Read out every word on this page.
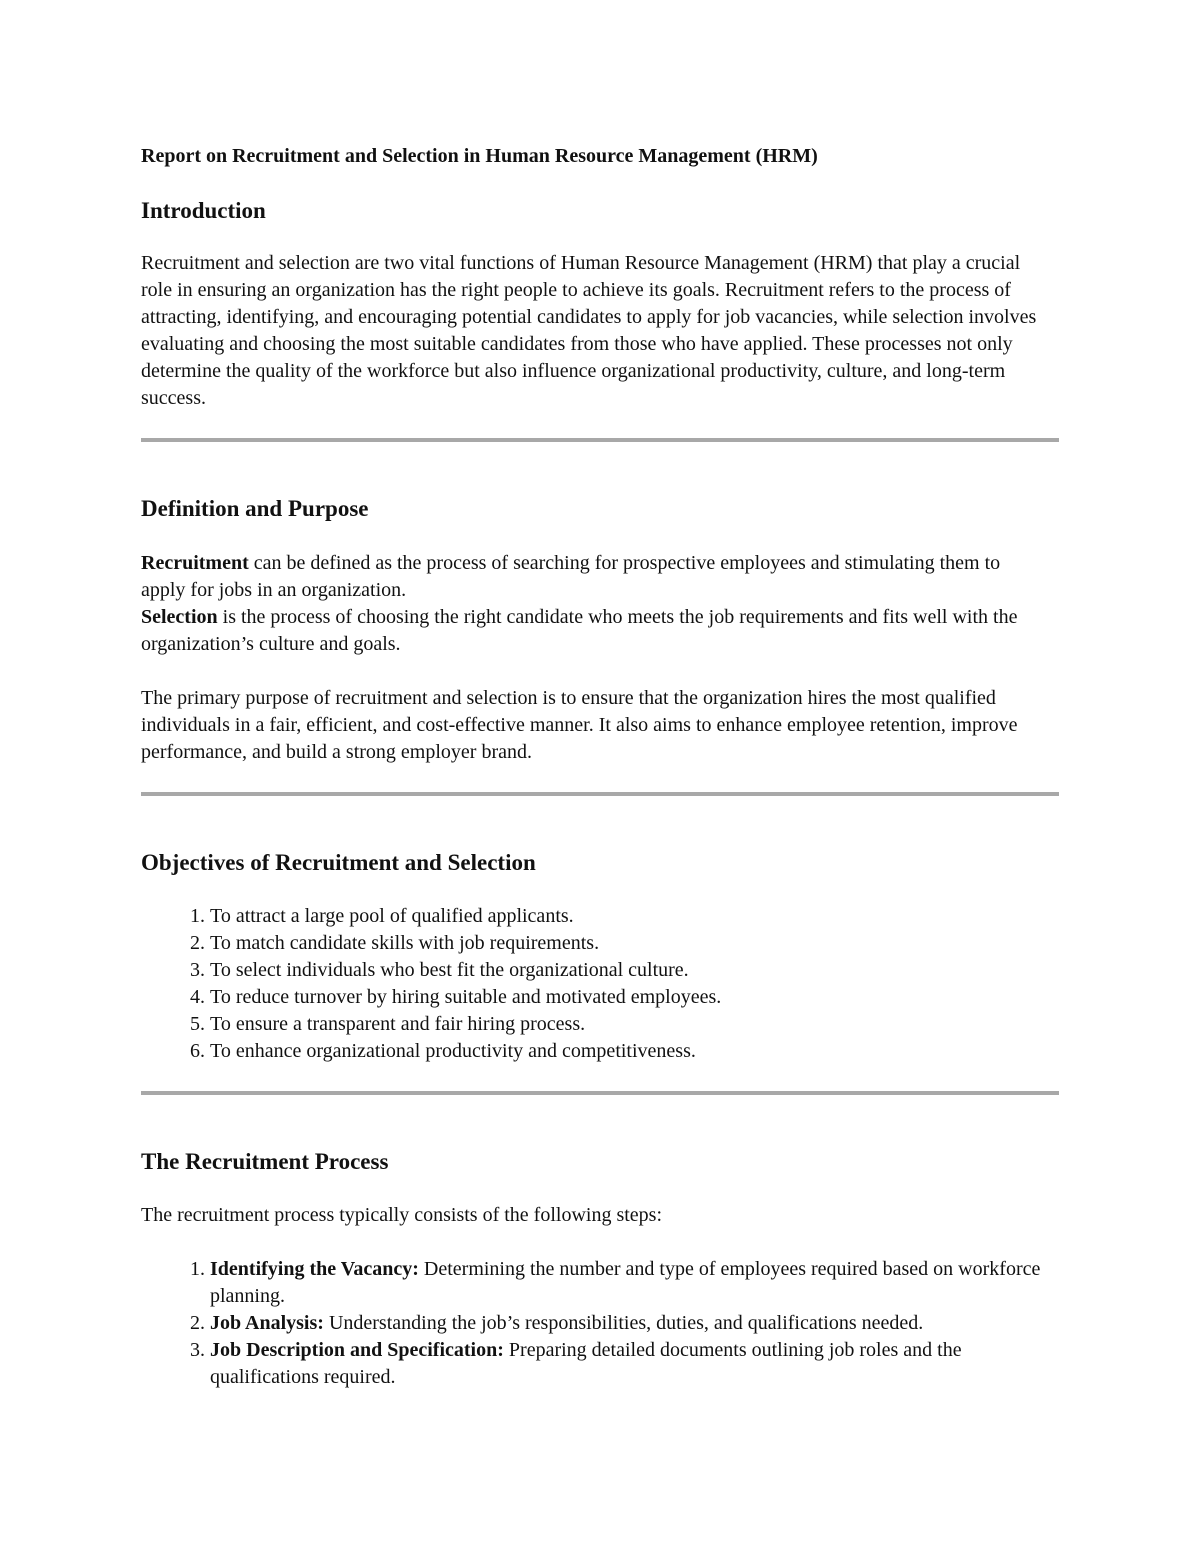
Report on Recruitment and Selection in Human Resource Management (HRM)

Introduction

Recruitment and selection are two vital functions of Human Resource Management (HRM) that play a crucial role in ensuring an organization has the right people to achieve its goals. Recruitment refers to the process of attracting, identifying, and encouraging potential candidates to apply for job vacancies, while selection involves evaluating and choosing the most suitable candidates from those who have applied. These processes not only determine the quality of the workforce but also influence organizational productivity, culture, and long-term success.

Definition and Purpose

Recruitment can be defined as the process of searching for prospective employees and stimulating them to apply for jobs in an organization.

Selection is the process of choosing the right candidate who meets the job requirements and fits well with the organization’s culture and goals.

The primary purpose of recruitment and selection is to ensure that the organization hires the most qualified individuals in a fair, efficient, and cost-effective manner. It also aims to enhance employee retention, improve performance, and build a strong employer brand.

Objectives of Recruitment and Selection
1. To attract a large pool of qualified applicants.
2. To match candidate skills with job requirements.
3. To select individuals who best fit the organizational culture.
4. To reduce turnover by hiring suitable and motivated employees.
5. To ensure a transparent and fair hiring process.
6. To enhance organizational productivity and competitiveness.
The Recruitment Process

The recruitment process typically consists of the following steps:

1. Identifying the Vacancy: Determining the number and type of employees required based on workforce planning.
2. Job Analysis: Understanding the job’s responsibilities, duties, and qualifications needed.
3. Job Description and Specification: Preparing detailed documents outlining job roles and the qualifications required.
